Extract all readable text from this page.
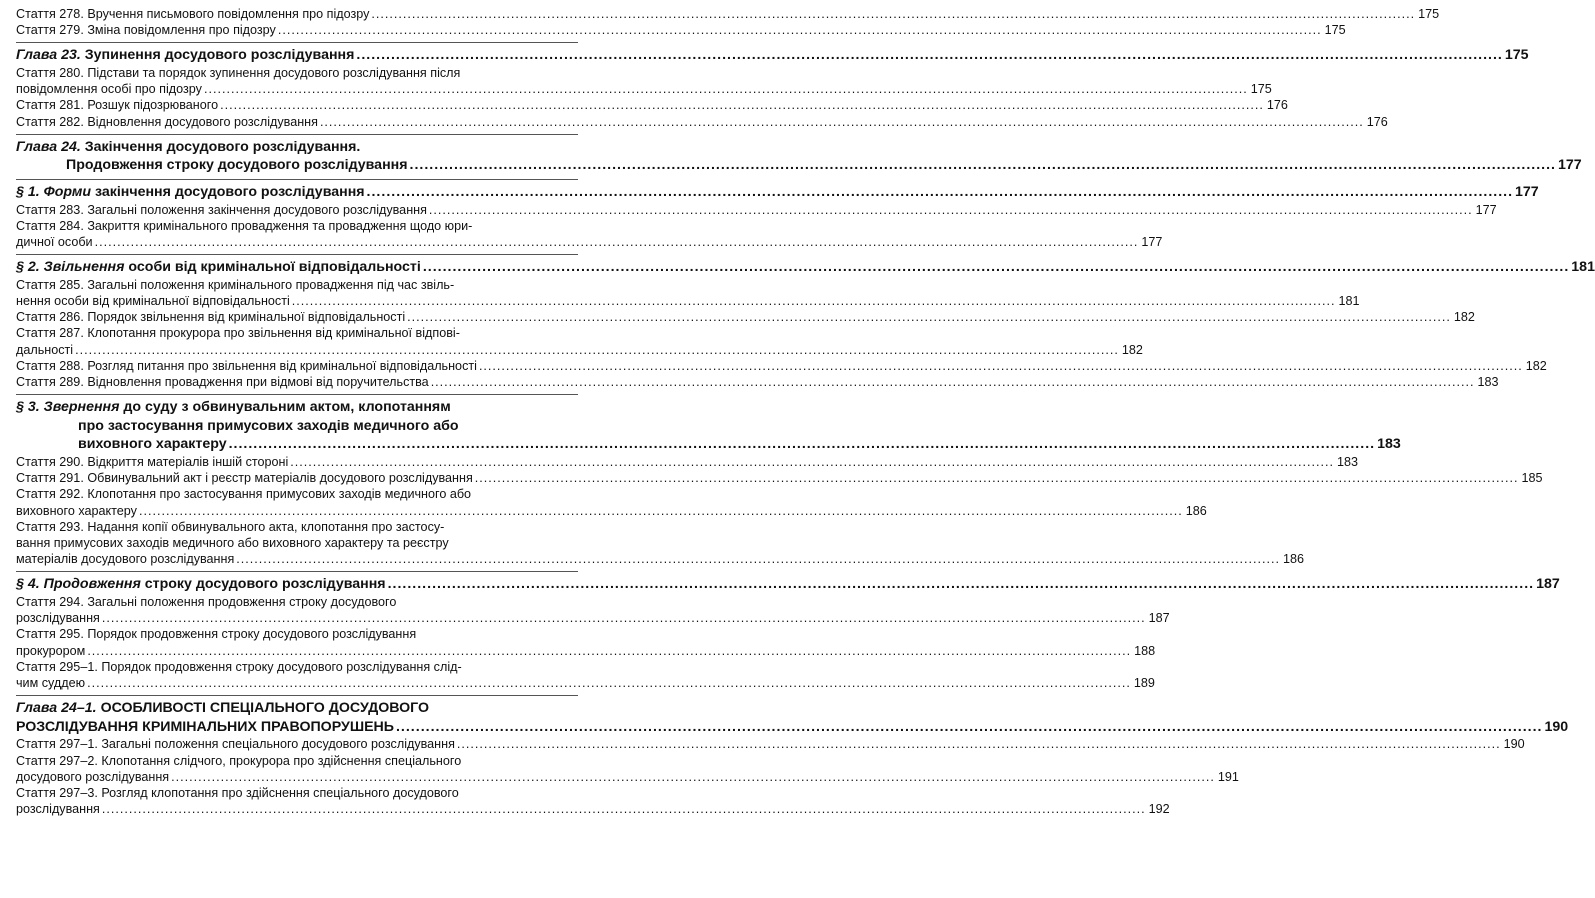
Стаття 278. Вручення письмового повідомлення про підозру .....	175
Стаття 279. Зміна повідомлення про підозру .....	175
Глава 23. Зупинення досудового розслідування .....	175
Стаття 280. Підстави та порядок зупинення досудового розслідування після
повідомлення особі про підозру .....	175
Стаття 281. Розшук підозрюваного .....	176
Стаття 282. Відновлення досудового розслідування .....	176
Глава 24. Закінчення досудового розслідування.
Продовження строку досудового розслідування .....	177
§ 1. Форми закінчення досудового розслідування .....	177
Стаття 283. Загальні положення закінчення досудового розслідування .....	177
Стаття 284. Закриття кримінального провадження та провадження щодо юри-
дичної особи .....	177
§ 2. Звільнення особи від кримінальної відповідальності .....	181
Стаття 285. Загальні положення кримінального провадження під час звіль-
нення особи від кримінальної відповідальності .....	181
Стаття 286. Порядок звільнення від кримінальної відповідальності .....	182
Стаття 287. Клопотання прокурора про звільнення від кримінальної відпові-
дальності .....	182
Стаття 288. Розгляд питання про звільнення від кримінальної відповідальності .....	182
Стаття 289. Відновлення провадження при відмові від поручительства .....	183
§ 3. Звернення до суду з обвинувальним актом, клопотанням
про застосування примусових заходів медичного або
виховного характеру .....	183
Стаття 290. Відкриття матеріалів іншій стороні .....	183
Стаття 291. Обвинувальний акт і реєстр матеріалів досудового розслідування .....	185
Стаття 292. Клопотання про застосування примусових заходів медичного або
виховного характеру .....	186
Стаття 293. Надання копії обвинувального акта, клопотання про застосу-
вання примусових заходів медичного або виховного характеру та реєстру
матеріалів досудового розслідування .....	186
§ 4. Продовження строку досудового розслідування .....	187
Стаття 294. Загальні положення продовження строку досудового
розслідування .....	187
Стаття 295. Порядок продовження строку досудового розслідування
прокурором .....	188
Стаття 295–1. Порядок продовження строку досудового розслідування слід-
чим суддею .....	189
Глава 24–1. ОСОБЛИВОСТІ СПЕЦІАЛЬНОГО ДОСУДОВОГО
РОЗСЛІДУВАННЯ КРИМІНАЛЬНИХ ПРАВОПОРУШЕНЬ .....	190
Стаття 297–1. Загальні положення спеціального досудового розслідування .....	190
Стаття 297–2. Клопотання слідчого, прокурора про здійснення спеціального
досудового розслідування .....	191
Стаття 297–3. Розгляд клопотання про здійснення спеціального досудового
розслідування .....	192
